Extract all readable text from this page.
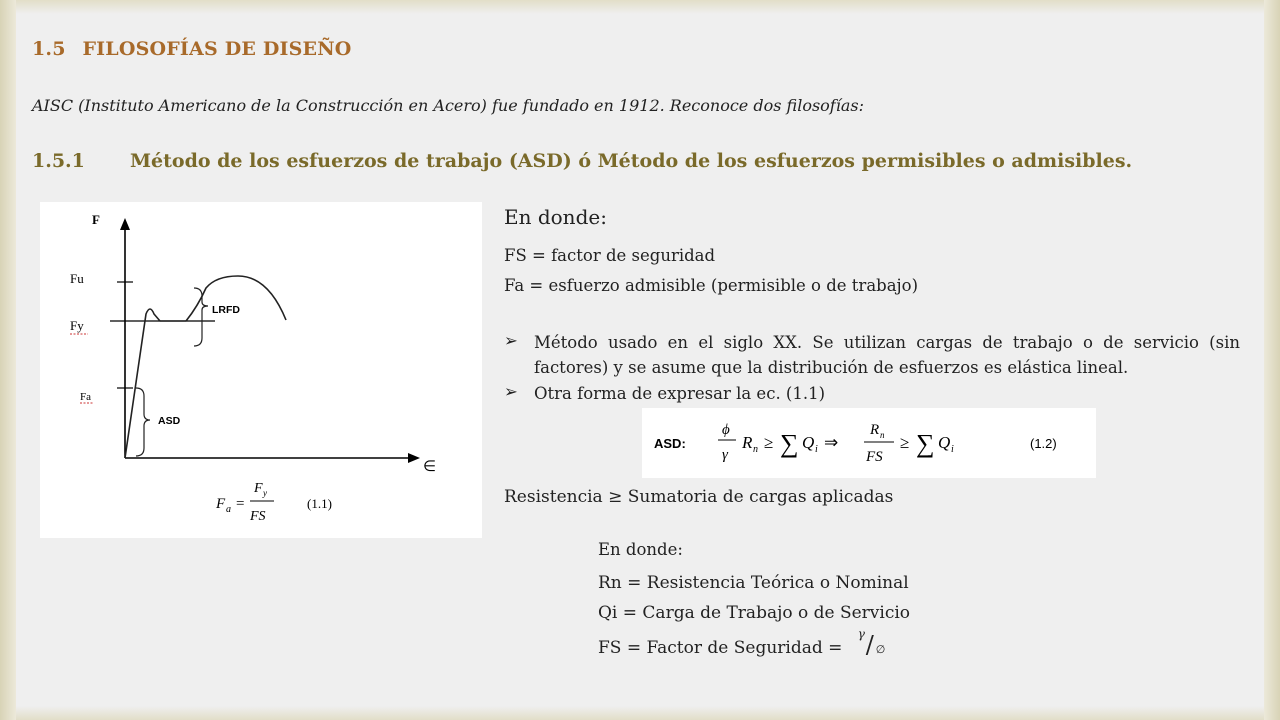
1.5 FILOSOFÍAS DE DISEÑO
AISC (Instituto Americano de la Construcción en Acero) fue fundado en 1912. Reconoce dos filosofías:
1.5.1 Método de los esfuerzos de trabajo (ASD) ó Método de los esfuerzos permisibles o admisibles.
F
∈
Fu
Fy
Fa
LRFD
ASD
F a =
F y
FS
(1.1)
En donde:
FS = factor de seguridad
Fa = esfuerzo admisible (permisible o de trabajo)
➢ Método usado en el siglo XX. Se utilizan cargas de trabajo o de servicio (sin factores) y se asume que la distribución de esfuerzos es elástica lineal.
➢ Otra forma de expresar la ec. (1.1)
ASD:
ϕ
γ
R n ≥ ∑ Q i ⇒
R n
FS
≥ ∑ Q i	(1.2)
Resistencia ≥ Sumatoria de cargas aplicadas
En donde:
Rn = Resistencia Teórica o Nominal
Qi = Carga de Trabajo o de Servicio
FS = Factor de Seguridad =
γ / ∅
